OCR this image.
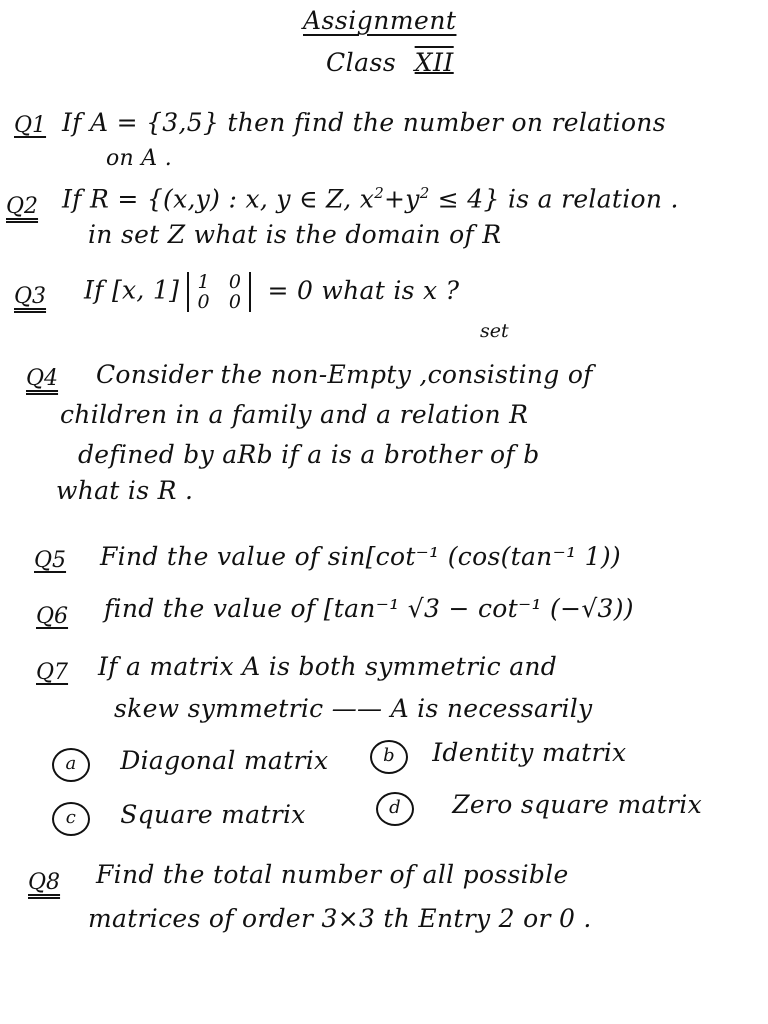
Assignment
Class XII
Q1 If A = {3,5} then find the number on relations
on A .
Q2 If R = {(x,y) : x, y ∈ Z, $x^2+y^2 \le 4$} is a relation .
in set Z what is the domain of R
Q3 If [x, 1] 1   0
0   0 = 0 what is x ?
set
Q4 Consider the non-Empty ,consisting of
children in a family and a relation R
defined by aRb if a is a brother of b
what is R .
Q5 Find the value of sin[cot⁻¹ (cos(tan⁻¹ 1))
Q6 find the value of [tan⁻¹ √3 − cot⁻¹ (−√3))
Q7 If a matrix A is both symmetric and
skew symmetric —— A is necessarily
a Diagonal matrix	b Identity matrix
c Square matrix	d Zero square matrix
Q8 Find the total number of all possible
matrices of order 3×3 th Entry 2 or 0 .
